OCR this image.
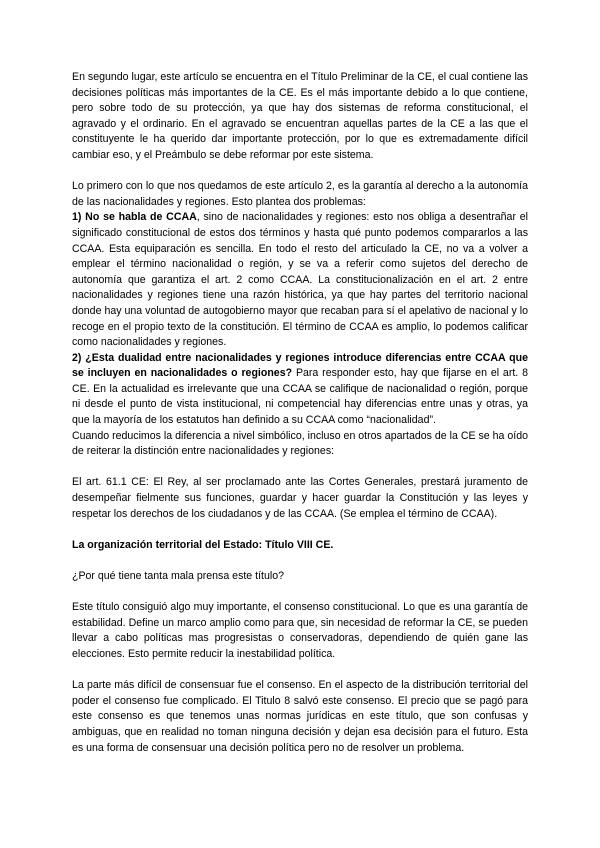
En segundo lugar, este artículo se encuentra en el Título Preliminar de la CE, el cual contiene las decisiones políticas más importantes de la CE. Es el más importante debido a lo que contiene, pero sobre todo de su protección, ya que hay dos sistemas de reforma constitucional, el agravado y el ordinario. En el agravado se encuentran aquellas partes de la CE a las que el constituyente le ha querido dar importante protección, por lo que es extremadamente difícil cambiar eso, y el Preámbulo se debe reformar por este sistema.

Lo primero con lo que nos quedamos de este artículo 2, es la garantía al derecho a la autonomía de las nacionalidades y regiones. Esto plantea dos problemas:

1) No se habla de CCAA, sino de nacionalidades y regiones: esto nos obliga a desentrañar el significado constitucional de estos dos términos y hasta qué punto podemos compararlos a las CCAA. Esta equiparación es sencilla. En todo el resto del articulado la CE, no va a volver a emplear el término nacionalidad o región, y se va a referir como sujetos del derecho de autonomía que garantiza el art. 2 como CCAA. La constitucionalización en el art. 2 entre nacionalidades y regiones tiene una razón histórica, ya que hay partes del territorio nacional donde hay una voluntad de autogobierno mayor que recaban para sí el apelativo de nacional y lo recoge en el propio texto de la constitución. El término de CCAA es amplio, lo podemos calificar como nacionalidades y regiones.

2) ¿Esta dualidad entre nacionalidades y regiones introduce diferencias entre CCAA que se incluyen en nacionalidades o regiones? Para responder esto, hay que fijarse en el art. 8 CE. En la actualidad es irrelevante que una CCAA se califique de nacionalidad o región, porque ni desde el punto de vista institucional, ni competencial hay diferencias entre unas y otras, ya que la mayoría de los estatutos han definido a su CCAA como “nacionalidad”.

Cuando reducimos la diferencia a nivel simbólico, incluso en otros apartados de la CE se ha oído de reiterar la distinción entre nacionalidades y regiones:

El art. 61.1 CE: El Rey, al ser proclamado ante las Cortes Generales, prestará juramento de desempeñar fielmente sus funciones, guardar y hacer guardar la Constitución y las leyes y respetar los derechos de los ciudadanos y de las CCAA. (Se emplea el término de CCAA).

La organización territorial del Estado: Título VIII CE.

¿Por qué tiene tanta mala prensa este título?

Este título consiguió algo muy importante, el consenso constitucional. Lo que es una garantía de estabilidad. Define un marco amplio como para que, sin necesidad de reformar la CE, se pueden llevar a cabo políticas mas progresistas o conservadoras, dependiendo de quién gane las elecciones. Esto permite reducir la inestabilidad política.

La parte más difícil de consensuar fue el consenso. En el aspecto de la distribución territorial del poder el consenso fue complicado. El Titulo 8 salvó este consenso. El precio que se pagó para este consenso es que tenemos unas normas jurídicas en este título, que son confusas y ambiguas, que en realidad no toman ninguna decisión y dejan esa decisión para el futuro. Esta es una forma de consensuar una decisión política pero no de resolver un problema.
